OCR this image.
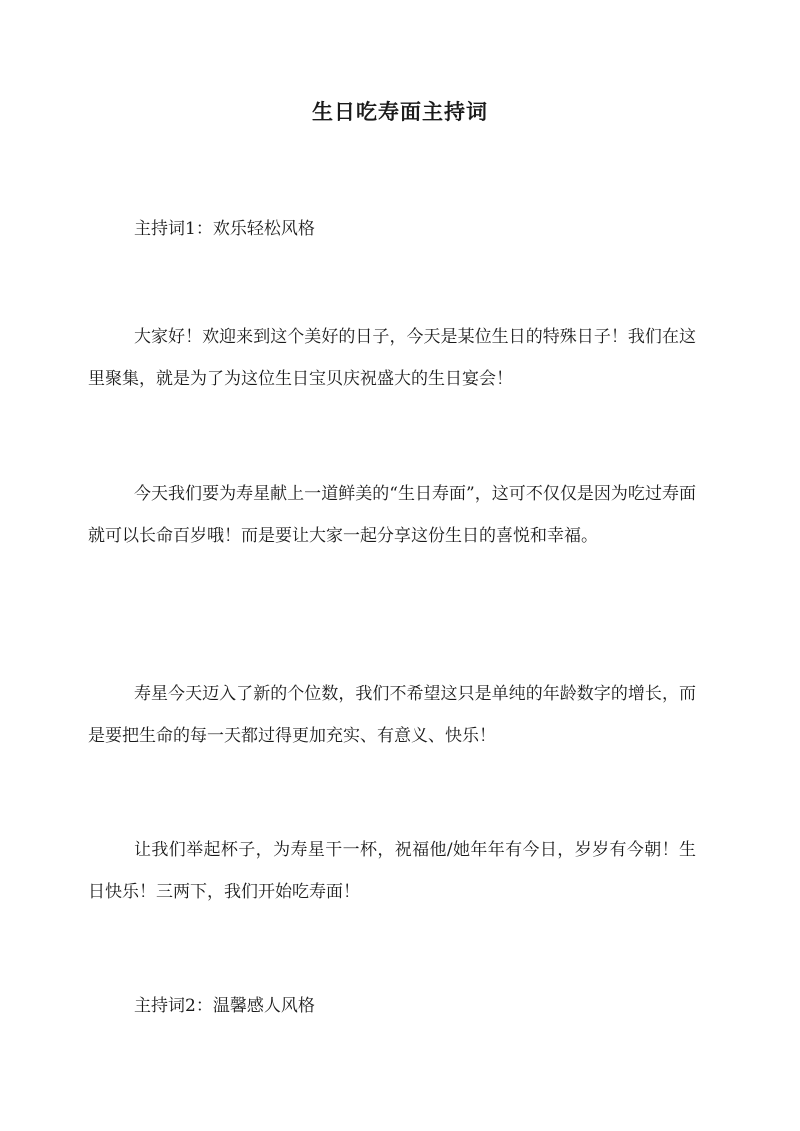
生日吃寿面主持词
主持词1：欢乐轻松风格
大家好！欢迎来到这个美好的日子，今天是某位生日的特殊日子！我们在这里聚集，就是为了为这位生日宝贝庆祝盛大的生日宴会！
今天我们要为寿星献上一道鲜美的“生日寿面”，这可不仅仅是因为吃过寿面就可以长命百岁哦！而是要让大家一起分享这份生日的喜悦和幸福。
寿星今天迈入了新的个位数，我们不希望这只是单纯的年龄数字的增长，而是要把生命的每一天都过得更加充实、有意义、快乐！
让我们举起杯子，为寿星干一杯，祝福他/她年年有今日，岁岁有今朝！生日快乐！三两下，我们开始吃寿面！
主持词2：温馨感人风格
